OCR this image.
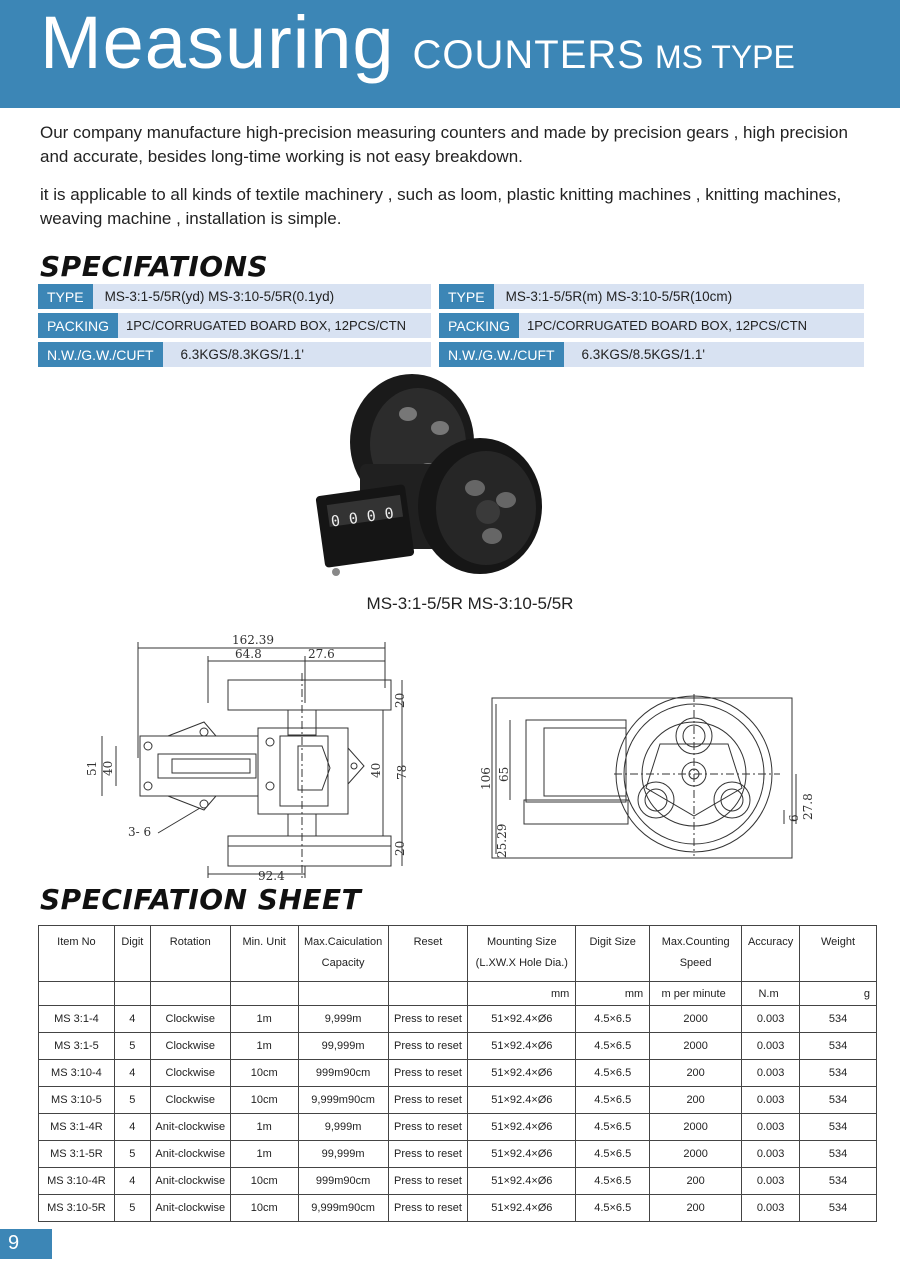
Measuring COUNTERS MS TYPE

Our company manufacture high-precision measuring counters and made by precision gears , high precision and accurate, besides long-time working is not easy breakdown.

it is applicable to all kinds of textile machinery , such as loom, plastic knitting machines , knitting machines, weaving machine , installation is simple.

SPECIFATIONS
TYPE	MS-3:1-5/5R(yd) MS-3:10-5/5R(0.1yd)
PACKING	1PC/CORRUGATED BOARD BOX, 12PCS/CTN
N.W./G.W./CUFT	6.3KGS/8.3KGS/1.1'
TYPE	MS-3:1-5/5R(m) MS-3:10-5/5R(10cm)
PACKING	1PC/CORRUGATED BOARD BOX, 12PCS/CTN
N.W./G.W./CUFT	6.3KGS/8.5KGS/1.1'
0 0 0 0
MS-3:1-5/5R MS-3:10-5/5R
162.39
64.8	27.6
20
40 78
20
51 40
3- 6
92.4
106 65
25.29
6 27.8
SPECIFATION SHEET
Item No	Digit	Rotation	Min. Unit	Max.Caiculation Capacity	Reset	Mounting Size (L.XW.X Hole Dia.)	Digit Size	Max.Counting Speed	Accuracy	Weight
						mm	mm	m per minute	N.m	g
MS 3:1-4	4	Clockwise	1m	9,999m	Press to reset	51×92.4×Ø6	4.5×6.5	2000	0.003	534
MS 3:1-5	5	Clockwise	1m	99,999m	Press to reset	51×92.4×Ø6	4.5×6.5	2000	0.003	534
MS 3:10-4	4	Clockwise	10cm	999m90cm	Press to reset	51×92.4×Ø6	4.5×6.5	200	0.003	534
MS 3:10-5	5	Clockwise	10cm	9,999m90cm	Press to reset	51×92.4×Ø6	4.5×6.5	200	0.003	534
MS 3:1-4R	4	Anit-clockwise	1m	9,999m	Press to reset	51×92.4×Ø6	4.5×6.5	2000	0.003	534
MS 3:1-5R	5	Anit-clockwise	1m	99,999m	Press to reset	51×92.4×Ø6	4.5×6.5	2000	0.003	534
MS 3:10-4R	4	Anit-clockwise	10cm	999m90cm	Press to reset	51×92.4×Ø6	4.5×6.5	200	0.003	534
MS 3:10-5R	5	Anit-clockwise	10cm	9,999m90cm	Press to reset	51×92.4×Ø6	4.5×6.5	200	0.003	534
9
